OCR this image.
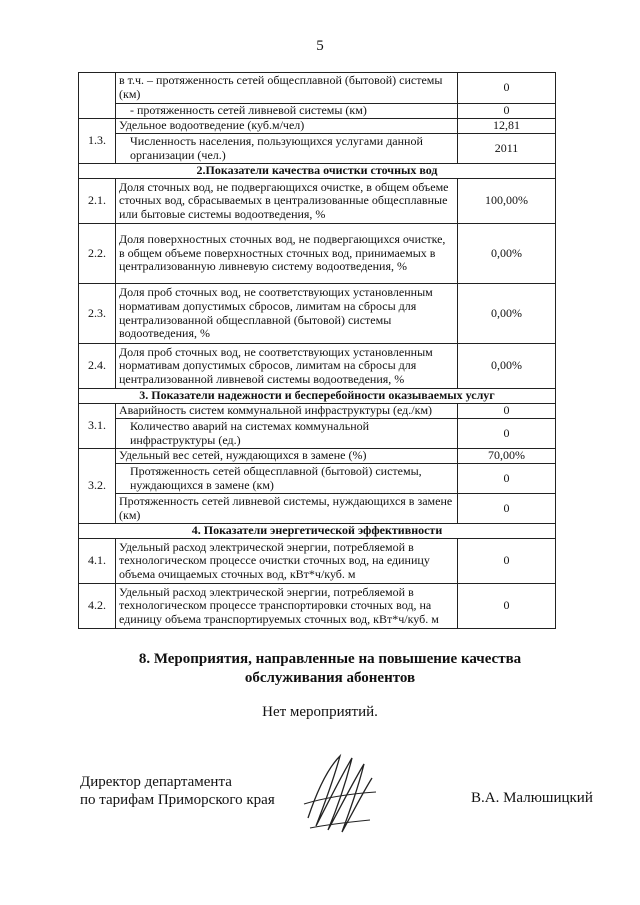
5
	в т.ч. – протяженность сетей общесплавной (бытовой) системы (км)	0
	- протяженность сетей ливневой системы (км)	0
1.3.	Удельное водоотведение (куб.м/чел)	12,81
	Численность населения, пользующихся услугами данной организации (чел.)	2011
2.Показатели качества очистки сточных вод		
2.1.	Доля сточных вод, не подвергающихся очистке, в общем объеме сточных вод, сбрасываемых в централизованные общесплавные или бытовые системы водоотведения, %	100,00%
2.2.	Доля поверхностных сточных вод, не подвергающихся очистке, в общем объеме поверхностных сточных вод, принимаемых в централизованную ливневую систему водоотведения, %	0,00%
2.3.	Доля проб сточных вод, не соответствующих установленным нормативам допустимых сбросов, лимитам на сбросы для централизованной общесплавной (бытовой) системы водоотведения, %	0,00%
2.4.	Доля проб сточных вод, не соответствующих установленным нормативам допустимых сбросов, лимитам на сбросы для централизованной ливневой системы водоотведения, %	0,00%
3. Показатели надежности и бесперебойности оказываемых услуг		
3.1.	Аварийность систем коммунальной инфраструктуры (ед./км)	0
	Количество аварий на системах коммунальной инфраструктуры (ед.)	0
3.2.	Удельный вес сетей, нуждающихся в замене (%)	70,00%
	Протяженность сетей общесплавной (бытовой) системы, нуждающихся в замене (км)	0
	Протяженность сетей ливневой системы, нуждающихся в замене (км)	0
4. Показатели энергетической эффективности		
4.1.	Удельный расход электрической энергии, потребляемой в технологическом процессе очистки сточных вод, на единицу объема очищаемых сточных вод, кВт*ч/куб. м	0
4.2.	Удельный расход электрической энергии, потребляемой в технологическом процессе транспортировки сточных вод, на единицу объема транспортируемых сточных вод, кВт*ч/куб. м	0
8. Мероприятия, направленные на повышение качества
обслуживания абонентов
Нет мероприятий.
Директор департамента
по тарифам Приморского края	В.А. Малюшицкий
